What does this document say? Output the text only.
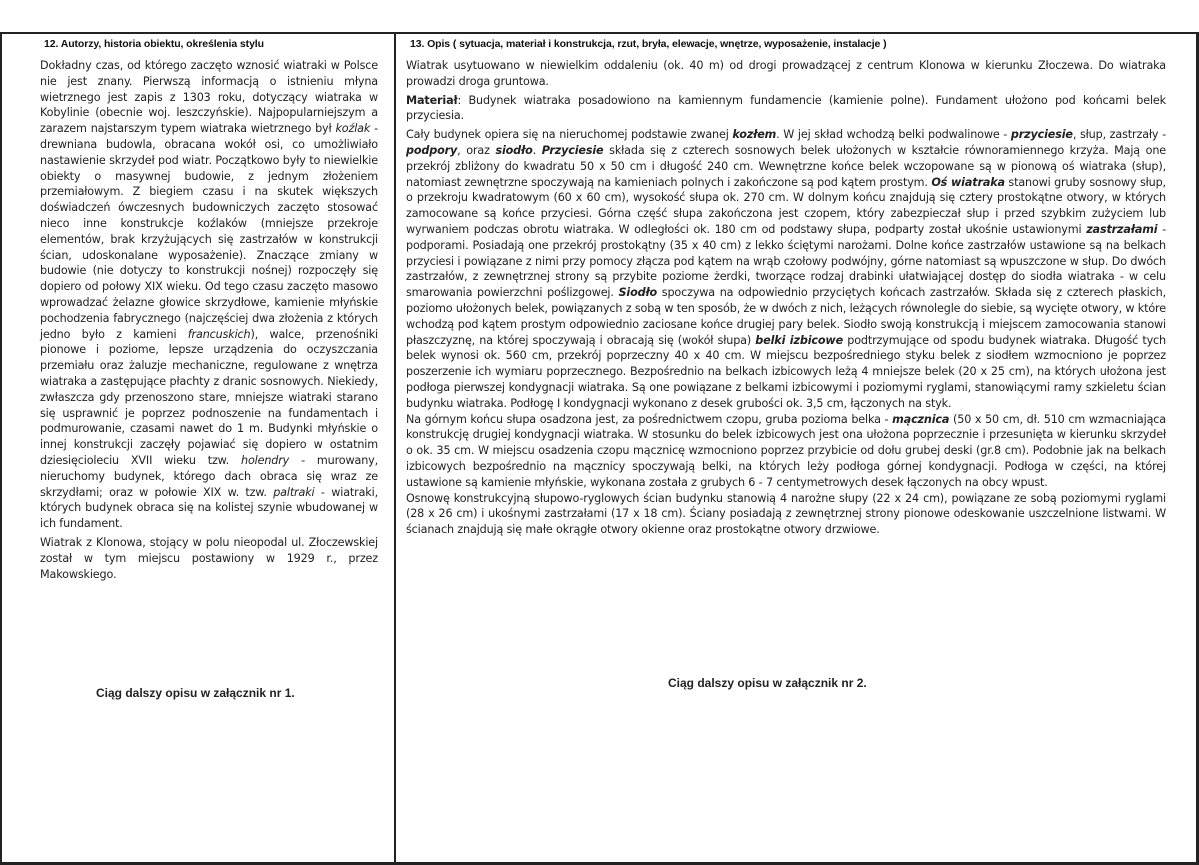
12. Autorzy, historia obiektu, określenia stylu

Dokładny czas, od którego zaczęto wznosić wiatraki w Polsce nie jest znany. Pierwszą informacją o istnieniu młyna wietrznego jest zapis z 1303 roku, dotyczący wiatraka w Kobylinie (obecnie woj. leszczyńskie). Najpopularniejszym a zarazem najstarszym typem wiatraka wietrznego był koźlak - drewniana budowla, obracana wokół osi, co umożliwiało nastawienie skrzydeł pod wiatr. Początkowo były to niewielkie obiekty o masywnej budowie, z jednym złożeniem przemiałowym. Z biegiem czasu i na skutek większych doświadczeń ówczesnych budowniczych zaczęto stosować nieco inne konstrukcje koźlaków (mniejsze przekroje elementów, brak krzyżujących się zastrzałów w konstrukcji ścian, udoskonalane wyposażenie). Znaczące zmiany w budowie (nie dotyczy to konstrukcji nośnej) rozpoczęły się dopiero od połowy XIX wieku. Od tego czasu zaczęto masowo wprowadzać żelazne głowice skrzydłowe, kamienie młyńskie pochodzenia fabrycznego (najczęściej dwa złożenia z których jedno było z kamieni francuskich), walce, przenośniki pionowe i poziome, lepsze urządzenia do oczyszczania przemiału oraz żaluzje mechaniczne, regulowane z wnętrza wiatraka a zastępujące płachty z dranic sosnowych. Niekiedy, zwłaszcza gdy przenoszono stare, mniejsze wiatraki starano się usprawnić je poprzez podnoszenie na fundamentach i podmurowanie, czasami nawet do 1 m. Budynki młyńskie o innej konstrukcji zaczęły pojawiać się dopiero w ostatnim dziesięcioleciu XVII wieku tzw. holendry - murowany, nieruchomy budynek, którego dach obraca się wraz ze skrzydłami; oraz w połowie XIX w. tzw. paltraki - wiatraki, których budynek obraca się na kolistej szynie wbudowanej w ich fundament.

Wiatrak z Klonowa, stojący w polu nieopodal ul. Złoczewskiej został w tym miejscu postawiony w 1929 r., przez Makowskiego.

Ciąg dalszy opisu w załącznik nr 1.

13. Opis ( sytuacja, materiał i konstrukcja, rzut, bryła, elewacje, wnętrze, wyposażenie, instalacje )

Wiatrak usytuowano w niewielkim oddaleniu (ok. 40 m) od drogi prowadzącej z centrum Klonowa w kierunku Złoczewa. Do wiatraka prowadzi droga gruntowa.

Materiał: Budynek wiatraka posadowiono na kamiennym fundamencie (kamienie polne). Fundament ułożono pod końcami belek przyciesia.

Cały budynek opiera się na nieruchomej podstawie zwanej kozłem. W jej skład wchodzą belki podwalinowe - przyciesie, słup, zastrzały - podpory, oraz siodło. Przyciesie składa się z czterech sosnowych belek ułożonych w kształcie równoramiennego krzyża. Mają one przekrój zbliżony do kwadratu 50 x 50 cm i długość 240 cm. Wewnętrzne końce belek wczopowane są w pionową oś wiatraka (słup), natomiast zewnętrzne spoczywają na kamieniach polnych i zakończone są pod kątem prostym. Oś wiatraka stanowi gruby sosnowy słup, o przekroju kwadratowym (60 x 60 cm), wysokość słupa ok. 270 cm. W dolnym końcu znajdują się cztery prostokątne otwory, w których zamocowane są końce przyciesi. Górna część słupa zakończona jest czopem, który zabezpieczał słup i przed szybkim zużyciem lub wyrwaniem podczas obrotu wiatraka. W odległości ok. 180 cm od podstawy słupa, podparty został ukośnie ustawionymi zastrzałami - podporami. Posiadają one przekrój prostokątny (35 x 40 cm) z lekko ściętymi narożami. Dolne końce zastrzałów ustawione są na belkach przyciesi i powiązane z nimi przy pomocy złącza pod kątem na wrąb czołowy podwójny, górne natomiast są wpuszczone w słup. Do dwóch zastrzałów, z zewnętrznej strony są przybite poziome żerdki, tworzące rodzaj drabinki ułatwiającej dostęp do siodła wiatraka - w celu smarowania powierzchni poślizgowej. Siodło spoczywa na odpowiednio przyciętych końcach zastrzałów. Składa się z czterech płaskich, poziomo ułożonych belek, powiązanych z sobą w ten sposób, że w dwóch z nich, leżących równolegle do siebie, są wycięte otwory, w które wchodzą pod kątem prostym odpowiednio zaciosane końce drugiej pary belek. Siodło swoją konstrukcją i miejscem zamocowania stanowi płaszczyznę, na której spoczywają i obracają się (wokół słupa) belki izbicowe podtrzymujące od spodu budynek wiatraka. Długość tych belek wynosi ok. 560 cm, przekrój poprzeczny 40 x 40 cm. W miejscu bezpośredniego styku belek z siodłem wzmocniono je poprzez poszerzenie ich wymiaru poprzecznego. Bezpośrednio na belkach izbicowych leżą 4 mniejsze belek (20 x 25 cm), na których ułożona jest podłoga pierwszej kondygnacji wiatraka. Są one powiązane z belkami izbicowymi i poziomymi ryglami, stanowiącymi ramy szkieletu ścian budynku wiatraka. Podłogę I kondygnacji wykonano z desek grubości ok. 3,5 cm, łączonych na styk.

Na górnym końcu słupa osadzona jest, za pośrednictwem czopu, gruba pozioma belka - mącznica (50 x 50 cm, dł. 510 cm wzmacniająca konstrukcję drugiej kondygnacji wiatraka. W stosunku do belek izbicowych jest ona ułożona poprzecznie i przesunięta w kierunku skrzydeł o ok. 35 cm. W miejscu osadzenia czopu mącznicę wzmocniono poprzez przybicie od dołu grubej deski (gr.8 cm). Podobnie jak na belkach izbicowych bezpośrednio na mącznicy spoczywają belki, na których leży podłoga górnej kondygnacji. Podłoga w części, na której ustawione są kamienie młyńskie, wykonana została z grubych 6 - 7 centymetrowych desek łączonych na obcy wpust.

Osnowę konstrukcyjną słupowo-ryglowych ścian budynku stanowią 4 narożne słupy (22 x 24 cm), powiązane ze sobą poziomymi ryglami (28 x 26 cm) i ukośnymi zastrzałami (17 x 18 cm). Ściany posiadają z zewnętrznej strony pionowe odeskowanie uszczelnione listwami. W ścianach znajdują się małe okrągłe otwory okienne oraz prostokątne otwory drzwiowe.

Ciąg dalszy opisu w załącznik nr 2.
